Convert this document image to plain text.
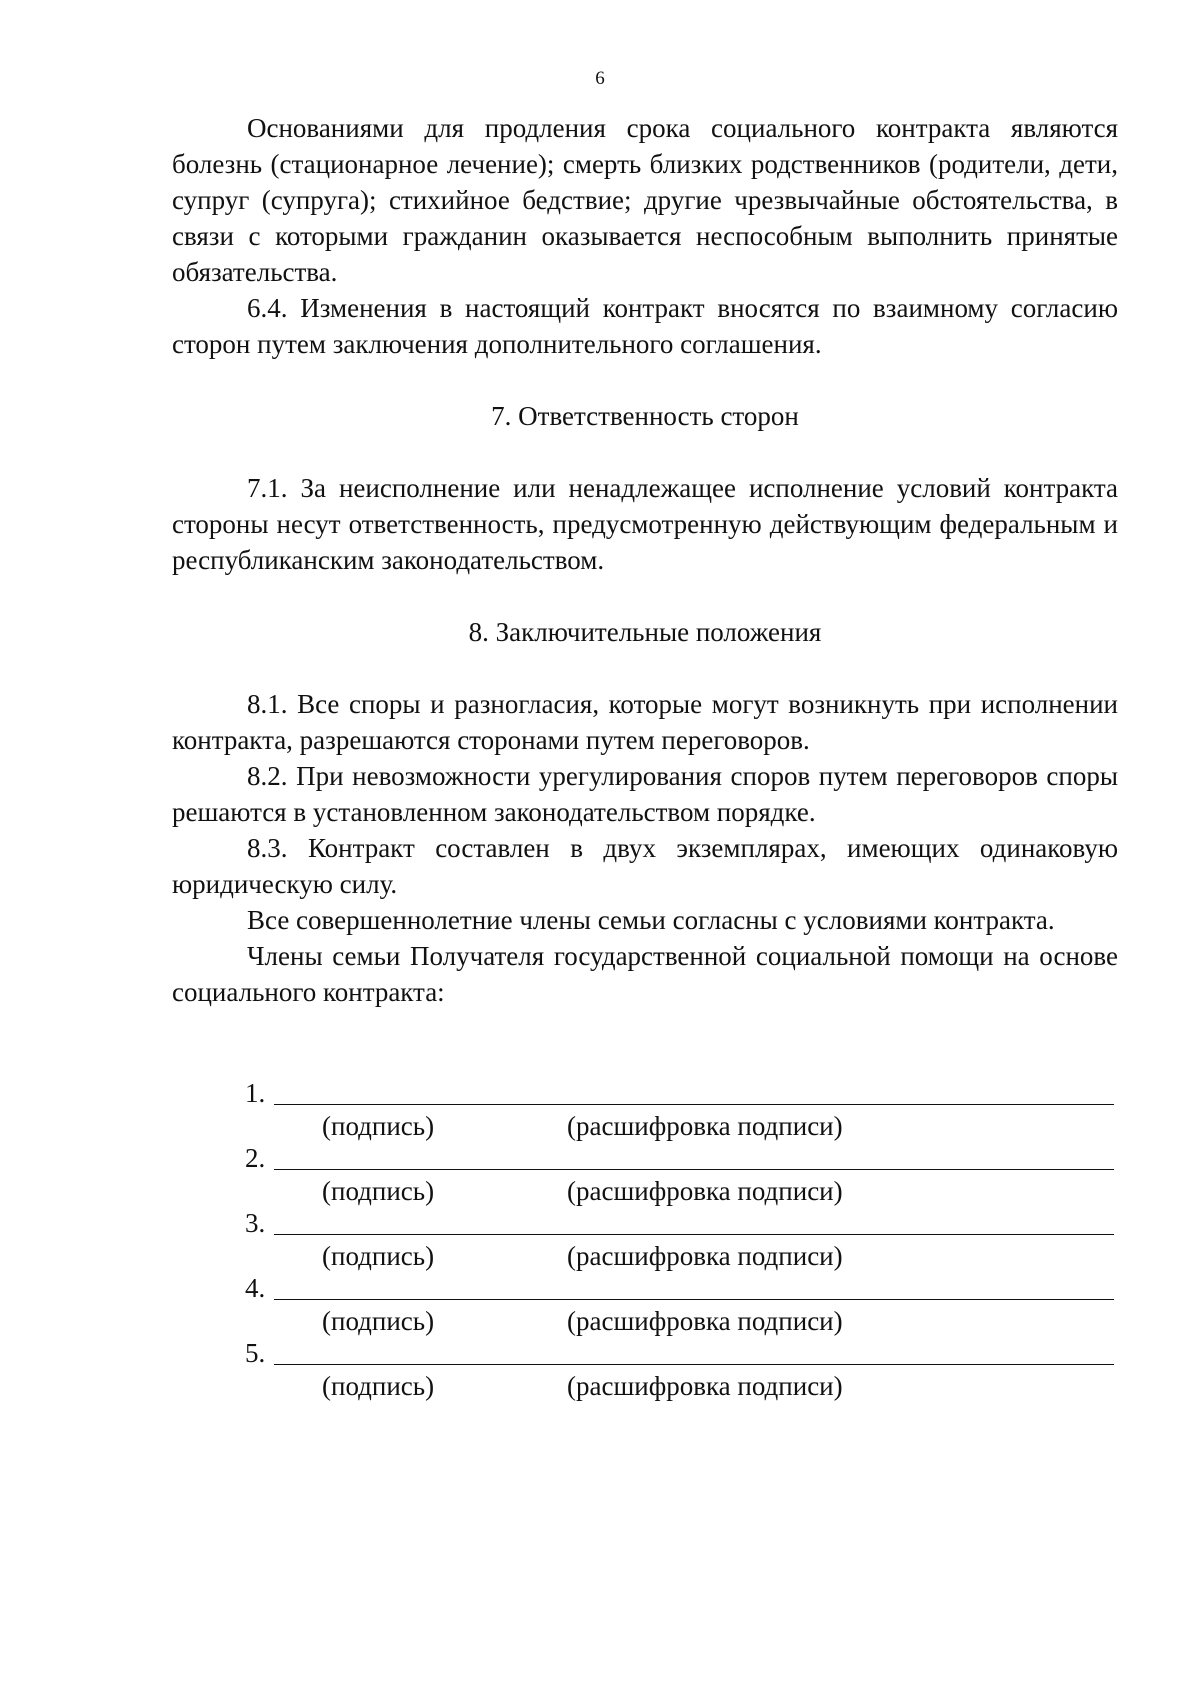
6

Основаниями для продления срока социального контракта являются болезнь (стационарное лечение); смерть близких родственников (родители, дети, супруг (супруга); стихийное бедствие; другие чрезвычайные обстоятельства, в связи с которыми гражданин оказывается неспособным выполнить принятые обязательства.

6.4. Изменения в настоящий контракт вносятся по взаимному согласию сторон путем заключения дополнительного соглашения.

7. Ответственность сторон

7.1. За неисполнение или ненадлежащее исполнение условий контракта стороны несут ответственность, предусмотренную действующим федеральным и республиканским законодательством.

8. Заключительные положения

8.1. Все споры и разногласия, которые могут возникнуть при исполнении контракта, разрешаются сторонами путем переговоров.

8.2. При невозможности урегулирования споров путем переговоров споры решаются в установленном законодательством порядке.

8.3. Контракт составлен в двух экземплярах, имеющих одинаковую юридическую силу.

Все совершеннолетние члены семьи согласны с условиями контракта.

Члены семьи Получателя государственной социальной помощи на основе социального контракта:

1.
(подпись)	(расшифровка подписи)
2.
(подпись)	(расшифровка подписи)
3.
(подпись)	(расшифровка подписи)
4.
(подпись)	(расшифровка подписи)
5.
(подпись)	(расшифровка подписи)
